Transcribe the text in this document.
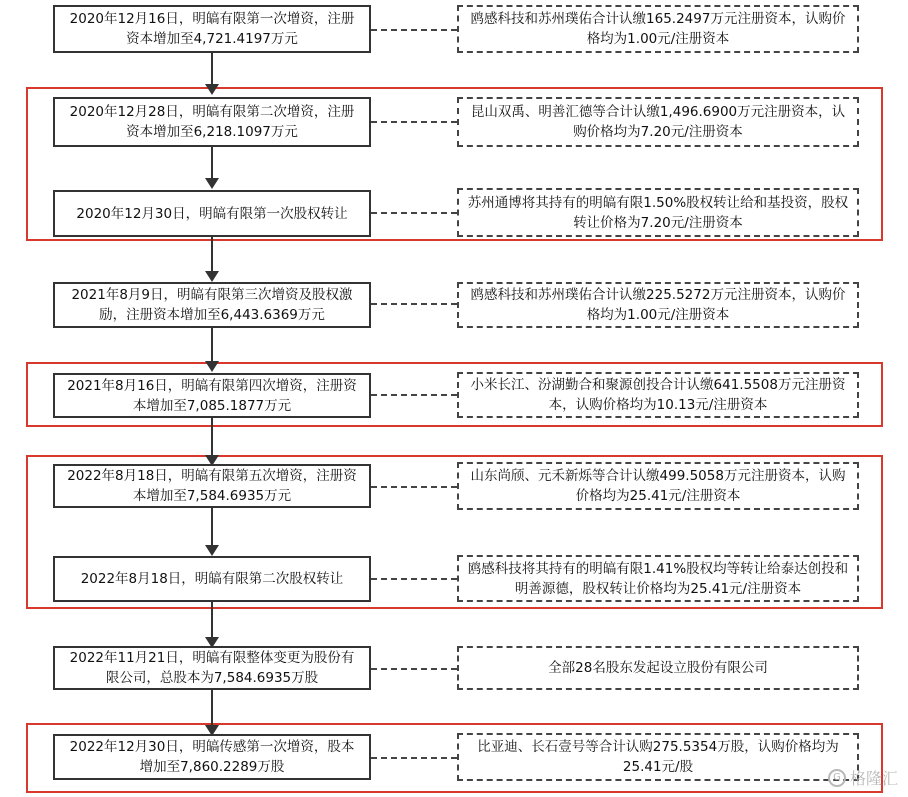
2020年12月16日，明皜有限第一次增资，注册资本增加至4,721.4197万元
2020年12月28日，明皜有限第二次增资，注册资本增加至6,218.1097万元
2020年12月30日，明皜有限第一次股权转让
2021年8月9日，明皜有限第三次增资及股权激励，注册资本增加至6,443.6369万元
2021年8月16日，明皜有限第四次增资，注册资本增加至7,085.1877万元
2022年8月18日，明皜有限第五次增资，注册资本增加至7,584.6935万元
2022年8月18日，明皜有限第二次股权转让
2022年11月21日，明皜有限整体变更为股份有限公司，总股本为7,584.6935万股
2022年12月30日，明皜传感第一次增资，股本增加至7,860.2289万股
鸥感科技和苏州璞佑合计认缴165.2497万元注册资本，认购价格均为1.00元/注册资本
昆山双禹、明善汇德等合计认缴1,496.6900万元注册资本，认购价格均为7.20元/注册资本
苏州通博将其持有的明皜有限1.50%股权转让给和基投资，股权转让价格为7.20元/注册资本
鸥感科技和苏州璞佑合计认缴225.5272万元注册资本，认购价格均为1.00元/注册资本
小米长江、汾湖勤合和聚源创投合计认缴641.5508万元注册资本，认购价格均为10.13元/注册资本
山东尚颀、元禾新烁等合计认缴499.5058万元注册资本，认购价格均为25.41元/注册资本
鸥感科技将其持有的明皜有限1.41%股权均等转让给泰达创投和明善源德，股权转让价格均为25.41元/注册资本
全部28名股东发起设立股份有限公司
比亚迪、长石壹号等合计认购275.5354万股，认购价格均为25.41元/股
G 格隆汇
